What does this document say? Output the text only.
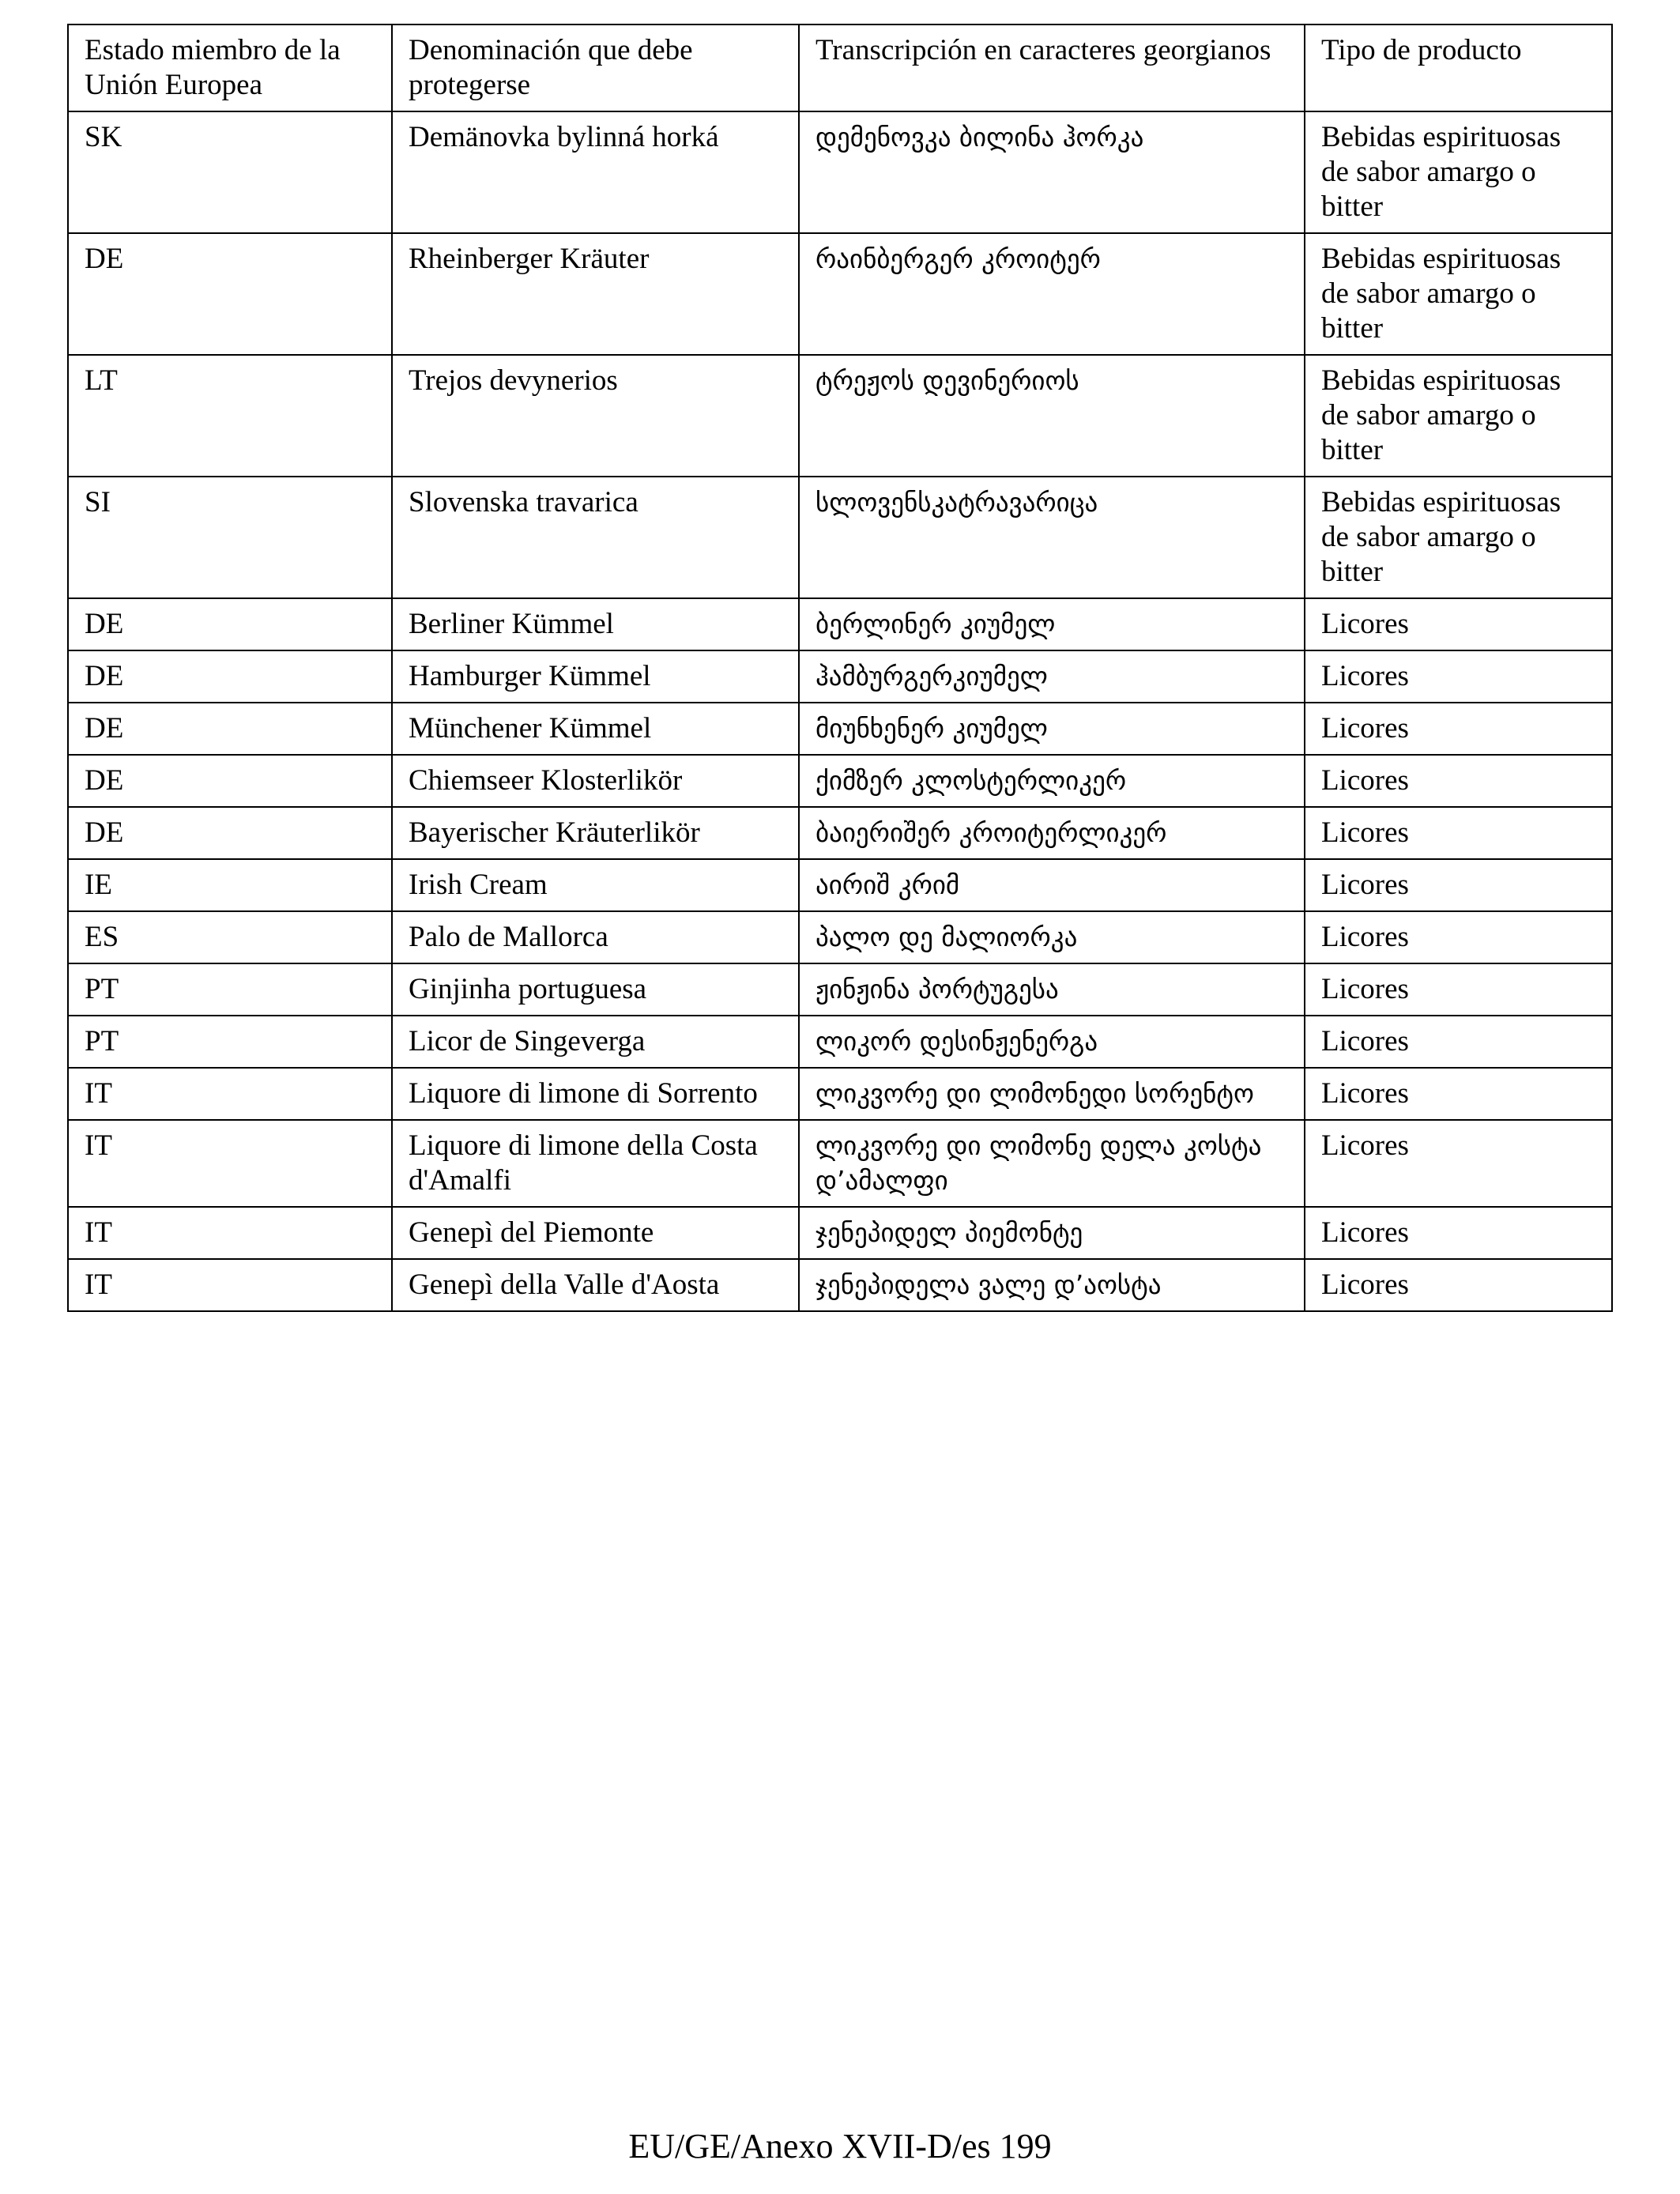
Estado miembro de la Unión Europea	Denominación que debe protegerse	Transcripción en caracteres georgianos	Tipo de producto
SK	Demänovka bylinná horká	დემენოვკა ბილინა ჰორკა	Bebidas espirituosas de sabor amargo o bitter
DE	Rheinberger Kräuter	რაინბერგერ კროიტერ	Bebidas espirituosas de sabor amargo o bitter
LT	Trejos devynerios	ტრეჟოს დევინერიოს	Bebidas espirituosas de sabor amargo o bitter
SI	Slovenska travarica	სლოვენსკატრავარიცა	Bebidas espirituosas de sabor amargo o bitter
DE	Berliner Kümmel	ბერლინერ კიუმელ	Licores
DE	Hamburger Kümmel	ჰამბურგერკიუმელ	Licores
DE	Münchener Kümmel	მიუნხენერ კიუმელ	Licores
DE	Chiemseer Klosterlikör	ქიმზერ კლოსტერლიკერ	Licores
DE	Bayerischer Kräuterlikör	ბაიერიშერ კროიტერლიკერ	Licores
IE	Irish Cream	აირიშ კრიმ	Licores
ES	Palo de Mallorca	პალო დე მალიორკა	Licores
PT	Ginjinha portuguesa	ჟინჟინა პორტუგესა	Licores
PT	Licor de Singeverga	ლიკორ დესინჟენერგა	Licores
IT	Liquore di limone di Sorrento	ლიკვორე დი ლიმონედი სორენტო	Licores
IT	Liquore di limone della Costa d'Amalfi	ლიკვორე დი ლიმონე დელა კოსტა დ’ამალფი	Licores
IT	Genepì del Piemonte	ჯენეპიდელ პიემონტე	Licores
IT	Genepì della Valle d'Aosta	ჯენეპიდელა ვალე დ’აოსტა	Licores
EU/GE/Anexo XVII-D/es 199
